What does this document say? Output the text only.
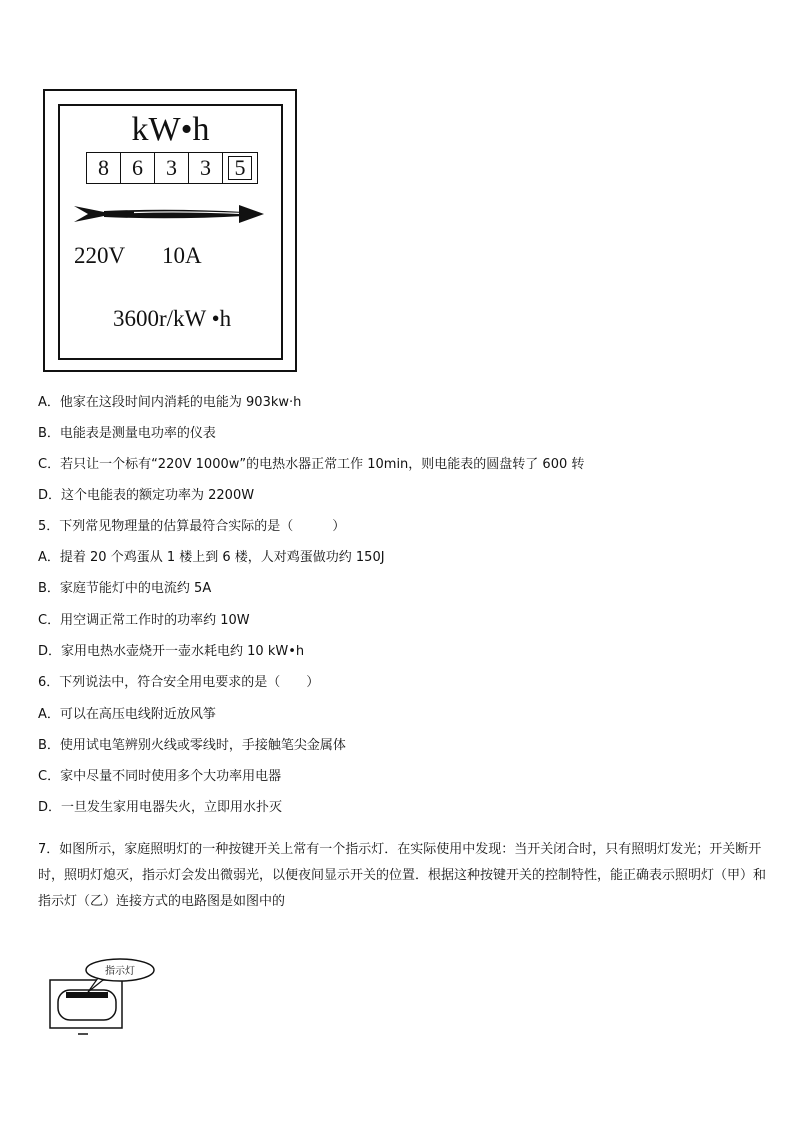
kW•h
8	6	3	3	5
220V 10A
3600r/kW •h
A．他家在这段时间内消耗的电能为 903kw·h
B．电能表是测量电功率的仪表
C．若只让一个标有“220V 1000w”的电热水器正常工作 10min，则电能表的圆盘转了 600 转
D．这个电能表的额定功率为 2200W
5．下列常见物理量的估算最符合实际的是（　　　）
A．提着 20 个鸡蛋从 1 楼上到 6 楼，人对鸡蛋做功约 150J
B．家庭节能灯中的电流约 5A
C．用空调正常工作时的功率约 10W
D．家用电热水壶烧开一壶水耗电约 10 kW•h
6．下列说法中，符合安全用电要求的是（　　）
A．可以在高压电线附近放风筝
B．使用试电笔辨别火线或零线时，手接触笔尖金属体
C．家中尽量不同时使用多个大功率用电器
D．一旦发生家用电器失火，立即用水扑灭
7．如图所示，家庭照明灯的一种按键开关上常有一个指示灯．在实际使用中发现：当开关闭合时，只有照明灯发光；开关断开时，照明灯熄灭，指示灯会发出微弱光，以便夜间显示开关的位置．根据这种按键开关的控制特性，能正确表示照明灯（甲）和指示灯（乙）连接方式的电路图是如图中的
指示灯
